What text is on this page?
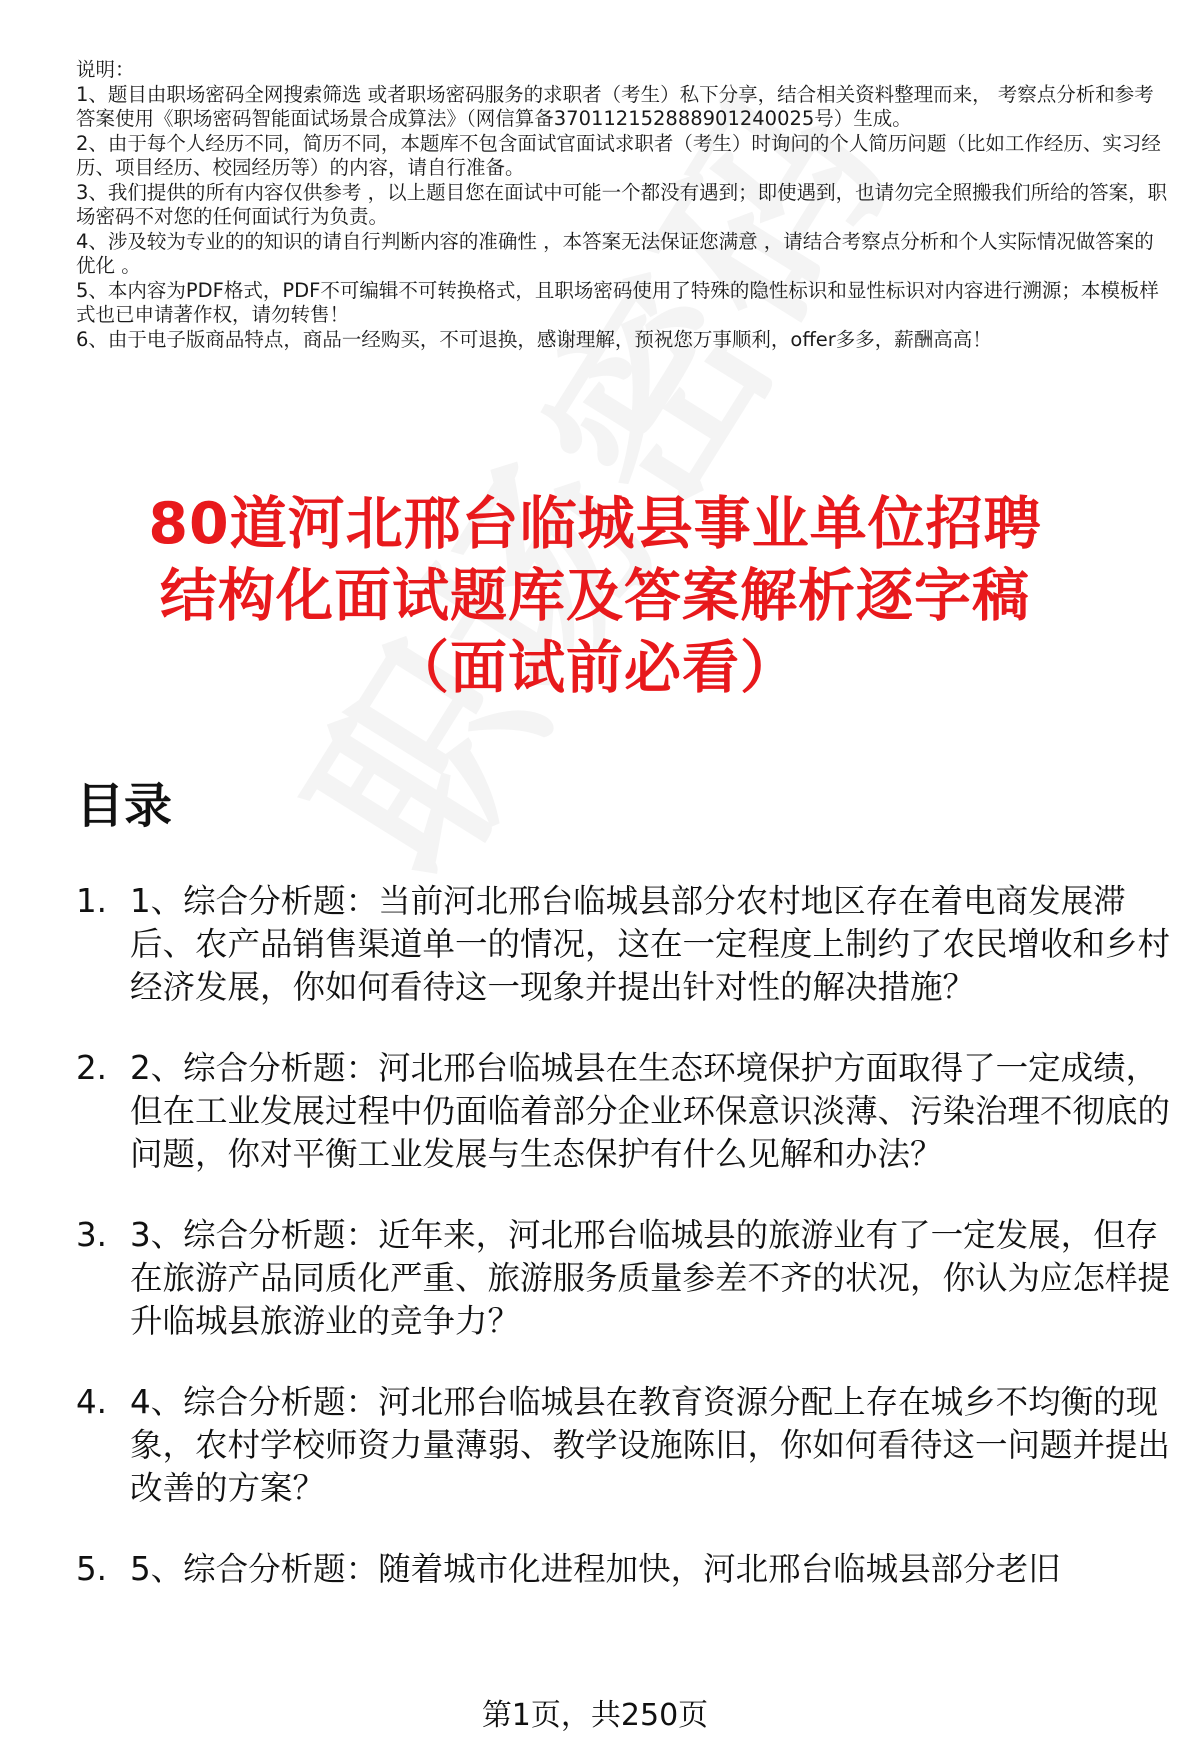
说明：
1、题目由职场密码全网搜索筛选 或者职场密码服务的求职者（考生）私下分享，结合相关资料整理而来， 考察点分析和参考答案使用《职场密码智能面试场景合成算法》（网信算备370112152888901240025号）生成。
2、由于每个人经历不同，简历不同，本题库不包含面试官面试求职者（考生）时询问的个人简历问题（比如工作经历、实习经历、项目经历、校园经历等）的内容，请自行准备。
3、我们提供的所有内容仅供参考 ，以上题目您在面试中可能一个都没有遇到；即使遇到，也请勿完全照搬我们所给的答案，职场密码不对您的任何面试行为负责。
4、涉及较为专业的的知识的请自行判断内容的准确性 ，本答案无法保证您满意 ，请结合考察点分析和个人实际情况做答案的优化 。
5、本内容为PDF格式，PDF不可编辑不可转换格式，且职场密码使用了特殊的隐性标识和显性标识对内容进行溯源；本模板样式也已申请著作权，请勿转售！
6、由于电子版商品特点，商品一经购买，不可退换，感谢理解，预祝您万事顺利，offer多多，薪酬高高！
80道河北邢台临城县事业单位招聘
结构化面试题库及答案解析逐字稿
（面试前必看）
目录
1. 1、综合分析题：当前河北邢台临城县部分农村地区存在着电商发展滞后、农产品销售渠道单一的情况，这在一定程度上制约了农民增收和乡村经济发展，你如何看待这一现象并提出针对性的解决措施？
2. 2、综合分析题：河北邢台临城县在生态环境保护方面取得了一定成绩，但在工业发展过程中仍面临着部分企业环保意识淡薄、污染治理不彻底的问题，你对平衡工业发展与生态保护有什么见解和办法？
3. 3、综合分析题：近年来，河北邢台临城县的旅游业有了一定发展，但存在旅游产品同质化严重、旅游服务质量参差不齐的状况，你认为应怎样提升临城县旅游业的竞争力？
4. 4、综合分析题：河北邢台临城县在教育资源分配上存在城乡不均衡的现象，农村学校师资力量薄弱、教学设施陈旧，你如何看待这一问题并提出改善的方案？
5. 5、综合分析题：随着城市化进程加快，河北邢台临城县部分老旧
第1页，共250页
